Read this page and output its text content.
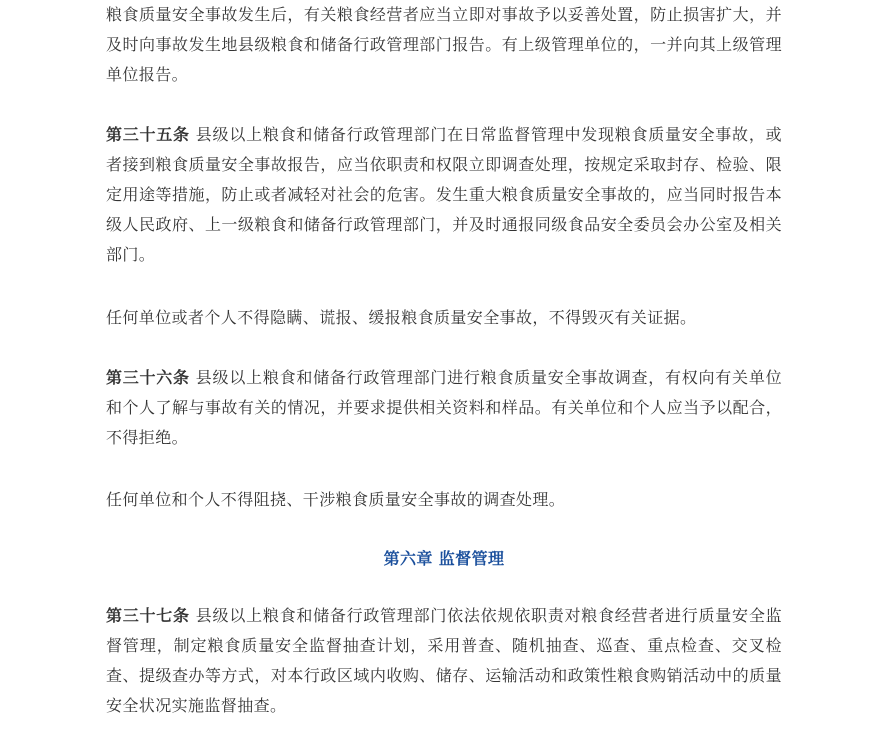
粮食质量安全事故发生后，有关粮食经营者应当立即对事故予以妥善处置，防止损害扩大，并及时向事故发生地县级粮食和储备行政管理部门报告。有上级管理单位的，一并向其上级管理单位报告。

第三十五条 县级以上粮食和储备行政管理部门在日常监督管理中发现粮食质量安全事故，或者接到粮食质量安全事故报告，应当依职责和权限立即调查处理，按规定采取封存、检验、限定用途等措施，防止或者减轻对社会的危害。发生重大粮食质量安全事故的，应当同时报告本级人民政府、上一级粮食和储备行政管理部门，并及时通报同级食品安全委员会办公室及相关部门。

任何单位或者个人不得隐瞒、谎报、缓报粮食质量安全事故，不得毁灭有关证据。

第三十六条 县级以上粮食和储备行政管理部门进行粮食质量安全事故调查，有权向有关单位和个人了解与事故有关的情况，并要求提供相关资料和样品。有关单位和个人应当予以配合，不得拒绝。

任何单位和个人不得阻挠、干涉粮食质量安全事故的调查处理。

第六章 监督管理

第三十七条 县级以上粮食和储备行政管理部门依法依规依职责对粮食经营者进行质量安全监督管理，制定粮食质量安全监督抽查计划，采用普查、随机抽查、巡查、重点检查、交叉检查、提级查办等方式，对本行政区域内收购、储存、运输活动和政策性粮食购销活动中的质量安全状况实施监督抽查。
